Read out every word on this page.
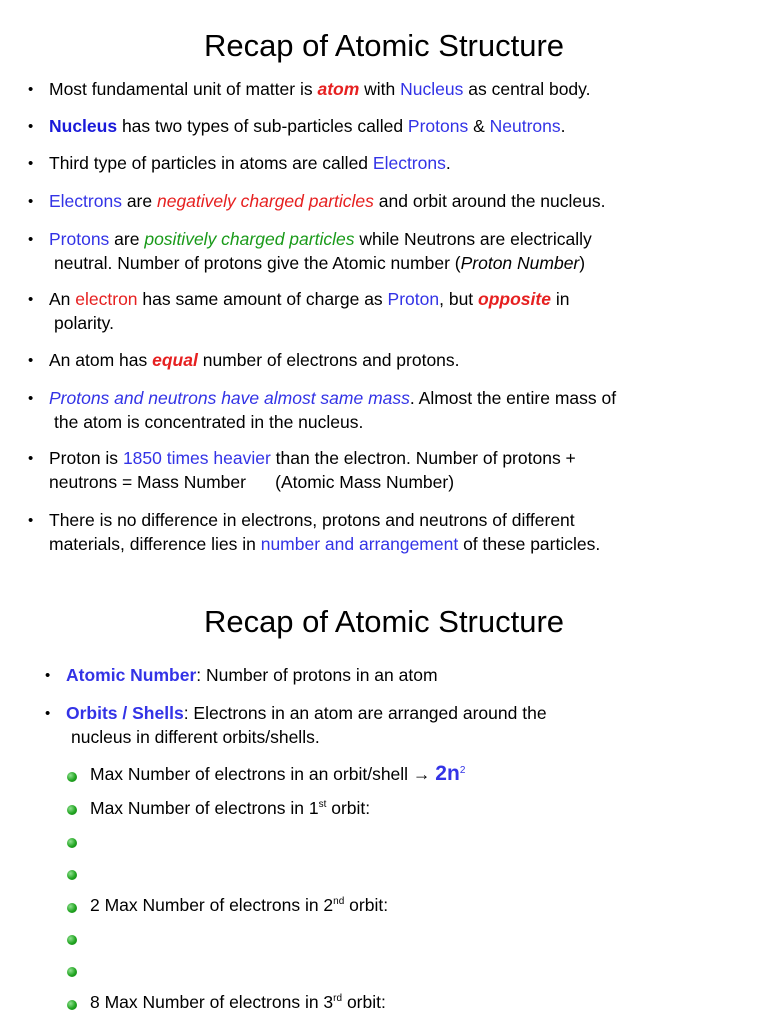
Recap of Atomic Structure
• Most fundamental unit of matter is atom with Nucleus as central body.
• Nucleus has two types of sub-particles called Protons & Neutrons.
• Third type of particles in atoms are called Electrons.
• Electrons are negatively charged particles and orbit around the nucleus.
• Protons are positively charged particles while Neutrons are electrically
neutral. Number of protons give the Atomic number (Proton Number)
• An electron has same amount of charge as Proton, but opposite in
polarity.
• An atom has equal number of electrons and protons.
• Protons and neutrons have almost same mass. Almost the entire mass of
the atom is concentrated in the nucleus.
• Proton is 1850 times heavier than the electron. Number of protons +
neutrons = Mass Number      (Atomic Mass Number)
• There is no difference in electrons, protons and neutrons of different
materials, difference lies in number and arrangement of these particles.
Recap of Atomic Structure
• Atomic Number: Number of protons in an atom
• Orbits / Shells: Electrons in an atom are arranged around the
nucleus in different orbits/shells.
Max Number of electrons in an orbit/shell → $2n^2$
Max Number of electrons in 1st orbit:
2 Max Number of electrons in 2nd orbit:
8 Max Number of electrons in 3rd orbit:
